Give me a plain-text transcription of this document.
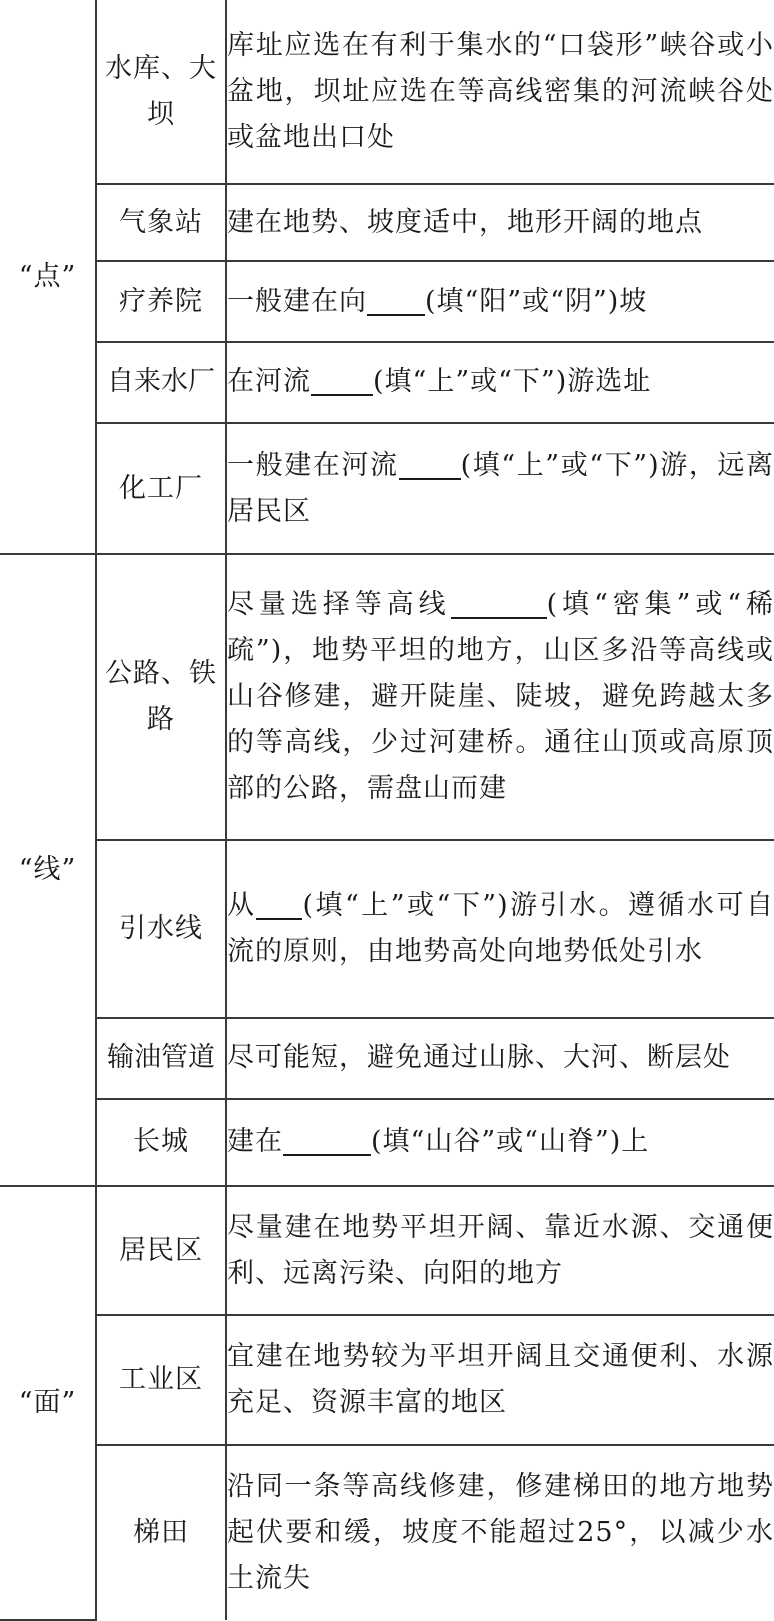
“点”	水库、大坝	库址应选在有利于集水的“口袋形”峡谷或小盆地，坝址应选在等高线密集的河流峡谷处或盆地出口处
	气象站	建在地势、坡度适中，地形开阔的地点
	疗养院	一般建在向 (填“阳”或“阴”)坡
	自来水厂	在河流 (填“上”或“下”)游选址
	化工厂	一般建在河流 (填“上”或“下”)游，远离居民区
“线”	公路、铁路	尽量选择等高线 (填“密集”或“稀疏”)，地势平坦的地方，山区多沿等高线或山谷修建，避开陡崖、陡坡，避免跨越太多的等高线，少过河建桥。通往山顶或高原顶部的公路，需盘山而建
	引水线	从 (填“上”或“下”)游引水。遵循水可自流的原则，由地势高处向地势低处引水
	输油管道	尽可能短，避免通过山脉、大河、断层处
	长城	建在 (填“山谷”或“山脊”)上
“面”	居民区	尽量建在地势平坦开阔、靠近水源、交通便利、远离污染、向阳的地方
	工业区	宜建在地势较为平坦开阔且交通便利、水源充足、资源丰富的地区
	梯田	沿同一条等高线修建，修建梯田的地方地势起伏要和缓，坡度不能超过25°，以减少水土流失
